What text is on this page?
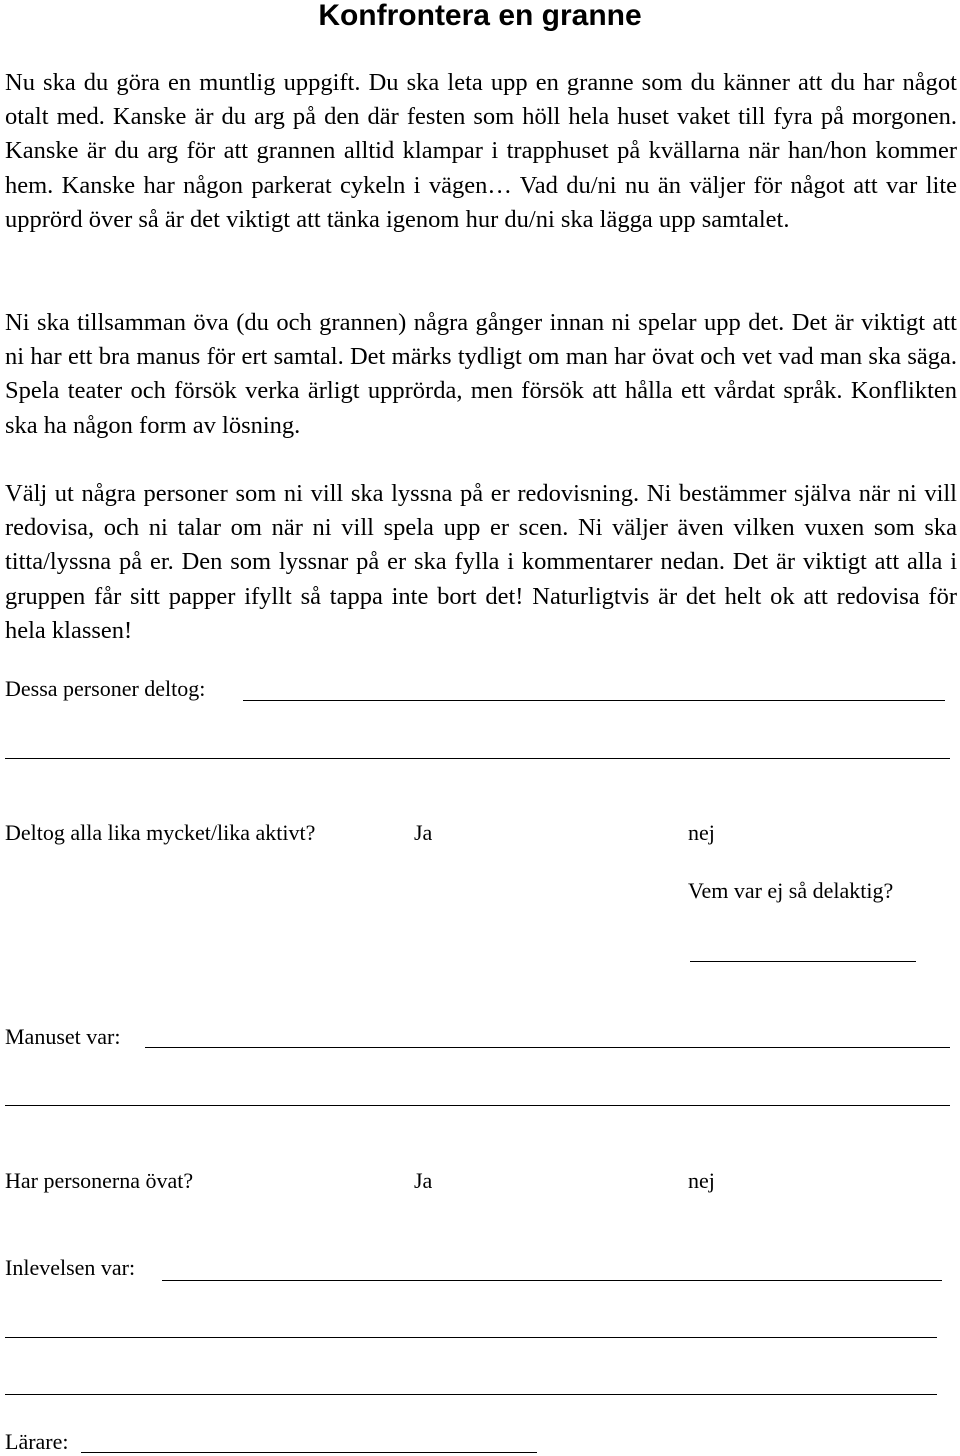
Konfrontera en granne

Nu ska du göra en muntlig uppgift. Du ska leta upp en granne som du känner att du har något otalt med. Kanske är du arg på den där festen som höll hela huset vaket till fyra på morgonen. Kanske är du arg för att grannen alltid klampar i trapphuset på kvällarna när han/hon kommer hem. Kanske har någon parkerat cykeln i vägen… Vad du/ni nu än väljer för något att var lite upprörd över så är det viktigt att tänka igenom hur du/ni ska lägga upp samtalet.

Ni ska tillsamman öva (du och grannen) några gånger innan ni spelar upp det. Det är viktigt att ni har ett bra manus för ert samtal. Det märks tydligt om man har övat och vet vad man ska säga. Spela teater och försök verka ärligt upprörda, men försök att hålla ett vårdat språk. Konflikten ska ha någon form av lösning.

Välj ut några personer som ni vill ska lyssna på er redovisning. Ni bestämmer själva när ni vill redovisa, och ni talar om när ni vill spela upp er scen. Ni väljer även vilken vuxen som ska titta/lyssna på er. Den som lyssnar på er ska fylla i kommentarer nedan. Det är viktigt att alla i gruppen får sitt papper ifyllt så tappa inte bort det! Naturligtvis är det helt ok att redovisa för hela klassen!

Dessa personer deltog:
Deltog alla lika mycket/lika aktivt?	Ja	nej
Vem var ej så delaktig?
Manuset var:
Har personerna övat?	Ja	nej
Inlevelsen var:
Lärare:
